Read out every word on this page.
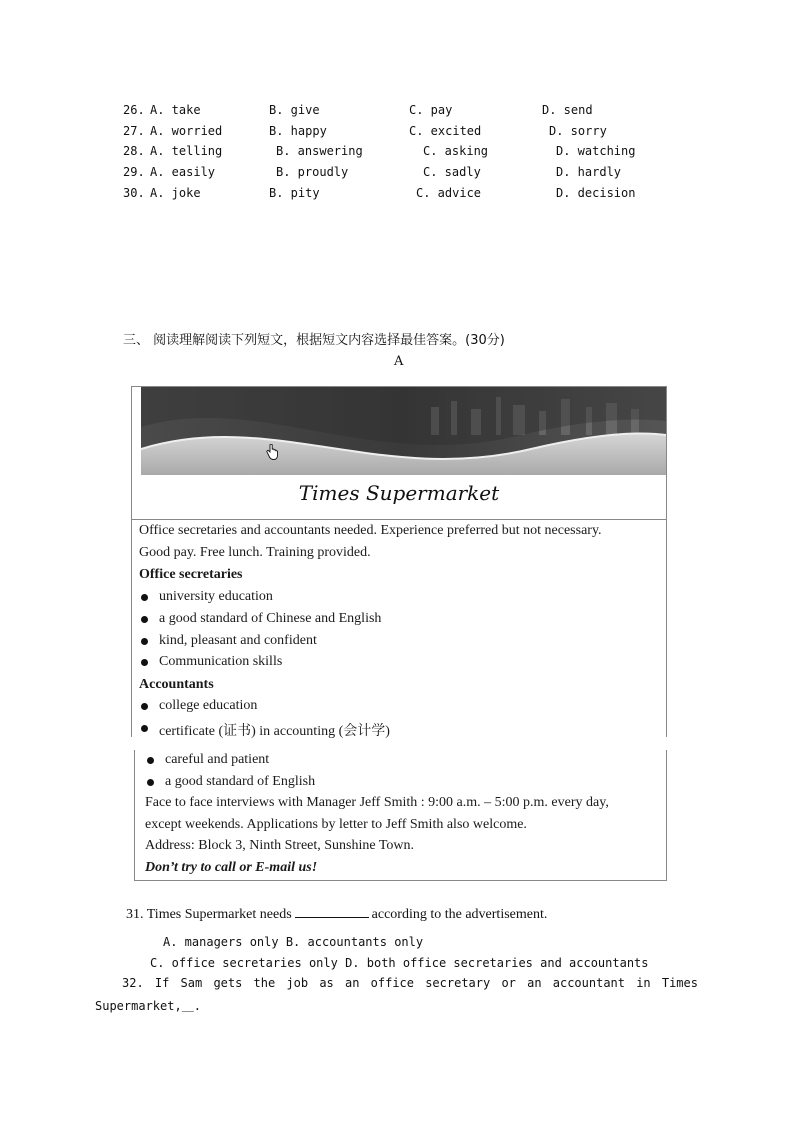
26.

A. take

	B. give

	C. pay

	D. send

27.

A. worried

	B. happy

	C. excited

	D. sorry

28.

A. telling

	B. answering

	C. asking

	D. watching

29.

A. easily

	B. proudly

	C. sadly

	D. hardly

30.

A. joke

	B. pity

	C. advice

	D. decision

三、 阅读理解阅读下列短文，根据短文内容选择最佳答案。(30分)
A
Times Supermarket
Office secretaries and accountants needed. Experience preferred but not necessary.
Good pay. Free lunch. Training provided.
Office secretaries
university education
a good standard of Chinese and English
kind, pleasant and confident
Communication skills
Accountants
college education
certificate (证书) in accounting (会计学)
careful and patient
a good standard of English
Face to face interviews with Manager Jeff Smith : 9:00 a.m. – 5:00 p.m. every day,
except weekends. Applications by letter to Jeff Smith also welcome.
Address: Block 3, Ninth Street, Sunshine Town.
Don’t try to call or E-mail us!
31. Times Supermarket needs	according to the advertisement.
A. managers only B. accountants only
C. office secretaries only D. both office secretaries and accountants
32. If Sam gets the job as an office secretary or an accountant in Times
Supermarket,＿.
